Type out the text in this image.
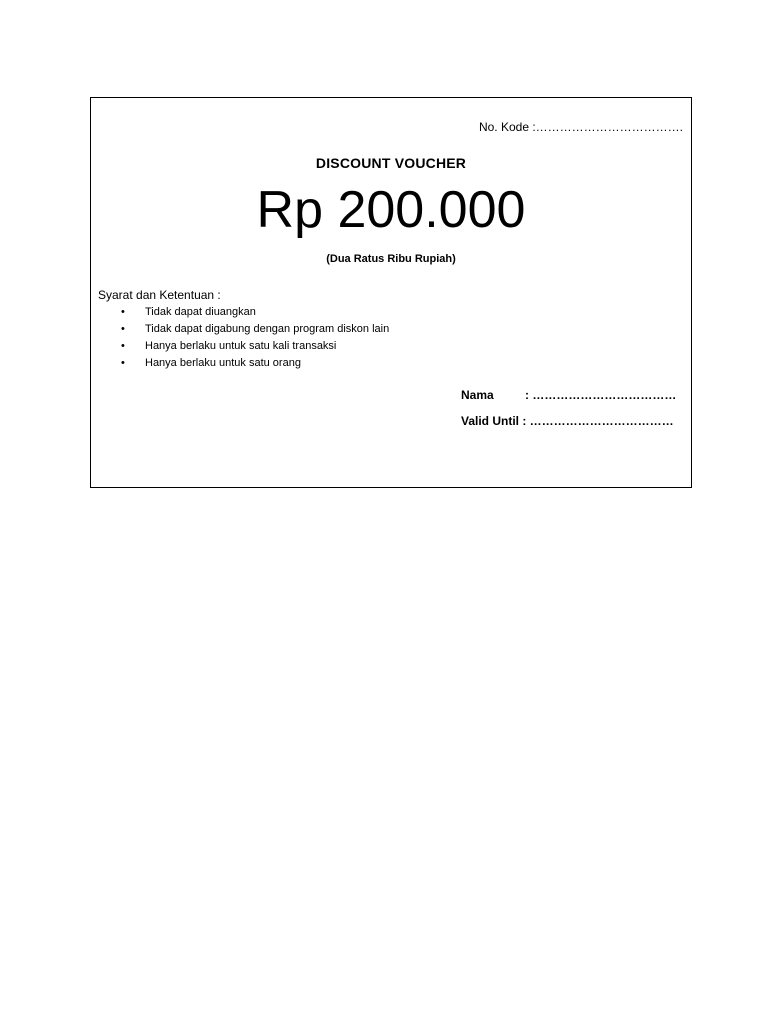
No. Kode :……………………………….
DISCOUNT VOUCHER
Rp 200.000
(Dua Ratus Ribu Rupiah)
Syarat dan Ketentuan :
• Tidak dapat diuangkan
• Tidak dapat digabung dengan program diskon lain
• Hanya berlaku untuk satu kali transaksi
• Hanya berlaku untuk satu orang
Nama	: ………………………………
Valid Until : ………………………………
